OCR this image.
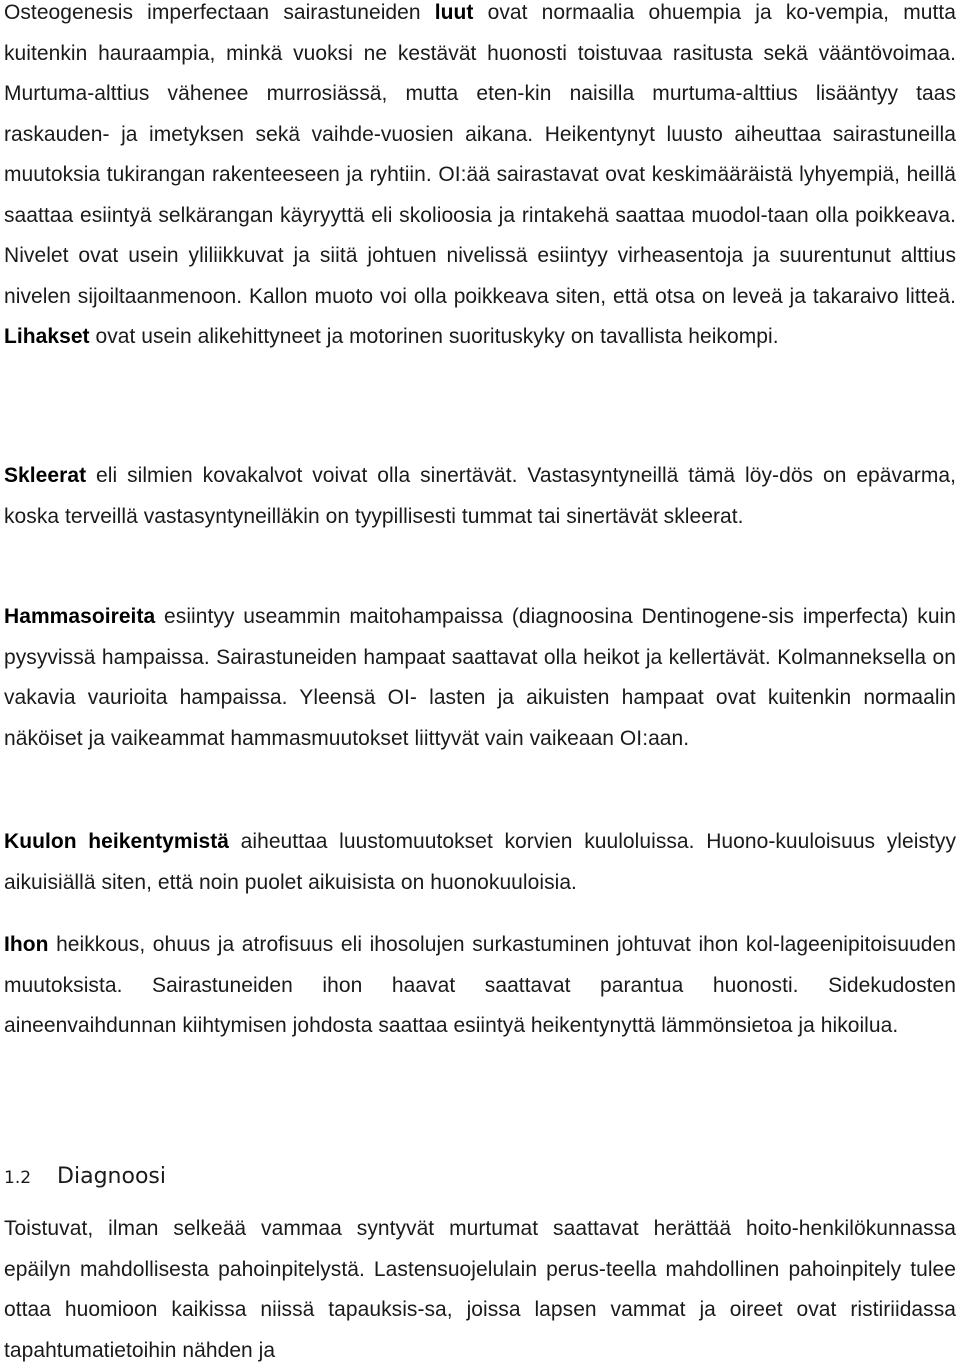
Osteogenesis imperfectaan sairastuneiden luut ovat normaalia ohuempia ja ko-vempia, mutta kuitenkin hauraampia, minkä vuoksi ne kestävät huonosti toistuvaa rasitusta sekä vääntövoimaa. Murtuma-alttius vähenee murrosiässä, mutta eten-kin naisilla murtuma-alttius lisääntyy taas raskauden- ja imetyksen sekä vaihde-vuosien aikana. Heikentynyt luusto aiheuttaa sairastuneilla muutoksia tukirangan rakenteeseen ja ryhtiin. OI:ää sairastavat ovat keskimääräistä lyhyempiä, heillä saattaa esiintyä selkärangan käyryyttä eli skolioosia ja rintakehä saattaa muodol-taan olla poikkeava. Nivelet ovat usein yliliikkuvat ja siitä johtuen nivelissä esiintyy virheasentoja ja suurentunut alttius nivelen sijoiltaanmenoon. Kallon muoto voi olla poikkeava siten, että otsa on leveä ja takaraivo litteä. Lihakset ovat usein alikehittyneet ja motorinen suorituskyky on tavallista heikompi.

Skleerat eli silmien kovakalvot voivat olla sinertävät. Vastasyntyneillä tämä löy-dös on epävarma, koska terveillä vastasyntyneilläkin on tyypillisesti tummat tai sinertävät skleerat.

Hammasoireita esiintyy useammin maitohampaissa (diagnoosina Dentinogene-sis imperfecta) kuin pysyvissä hampaissa. Sairastuneiden hampaat saattavat olla heikot ja kellertävät. Kolmanneksella on vakavia vaurioita hampaissa. Yleensä OI- lasten ja aikuisten hampaat ovat kuitenkin normaalin näköiset ja vaikeammat hammasmuutokset liittyvät vain vaikeaan OI:aan.

Kuulon heikentymistä aiheuttaa luustomuutokset korvien kuuloluissa. Huono-kuuloisuus yleistyy aikuisiällä siten, että noin puolet aikuisista on huonokuuloisia.

Ihon heikkous, ohuus ja atrofisuus eli ihosolujen surkastuminen johtuvat ihon kol-lageenipitoisuuden muutoksista. Sairastuneiden ihon haavat saattavat parantua huonosti. Sidekudosten aineenvaihdunnan kiihtymisen johdosta saattaa esiintyä heikentynyttä lämmönsietoa ja hikoilua.

1.2 Diagnoosi

Toistuvat, ilman selkeää vammaa syntyvät murtumat saattavat herättää hoito-henkilökunnassa epäilyn mahdollisesta pahoinpitelystä. Lastensuojelulain perus-teella mahdollinen pahoinpitely tulee ottaa huomioon kaikissa niissä tapauksis-sa, joissa lapsen vammat ja oireet ovat ristiriidassa tapahtumatietoihin nähden ja
